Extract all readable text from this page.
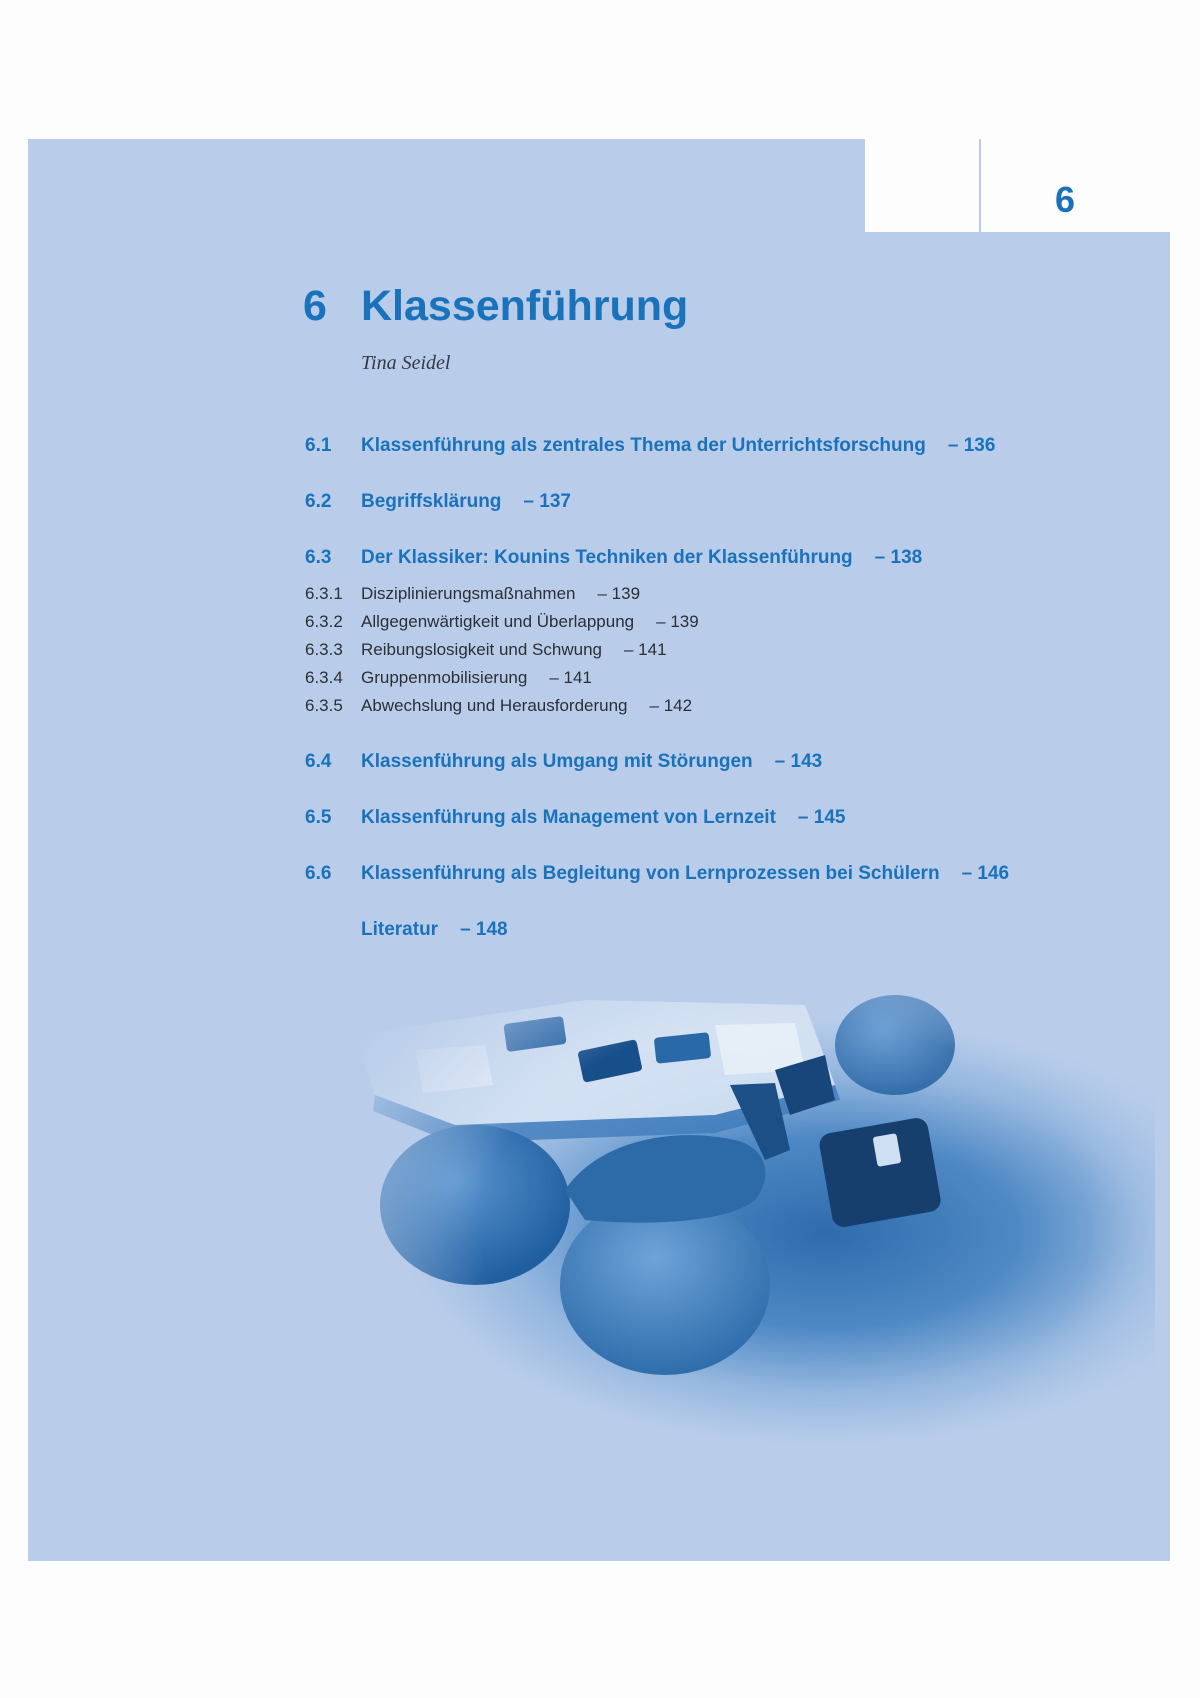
6
6 Klassenführung
Tina Seidel
6.1 Klassenführung als zentrales Thema der Unterrichtsforschung – 136
6.2 Begriffsklärung – 137
6.3 Der Klassiker: Kounins Techniken der Klassenführung – 138
6.3.1 Disziplinierungsmaßnahmen – 139
6.3.2 Allgegenwärtigkeit und Überlappung – 139
6.3.3 Reibungslosigkeit und Schwung – 141
6.3.4 Gruppenmobilisierung – 141
6.3.5 Abwechslung und Herausforderung – 142
6.4 Klassenführung als Umgang mit Störungen – 143
6.5 Klassenführung als Management von Lernzeit – 145
6.6 Klassenführung als Begleitung von Lernprozessen bei Schülern – 146
Literatur – 148
